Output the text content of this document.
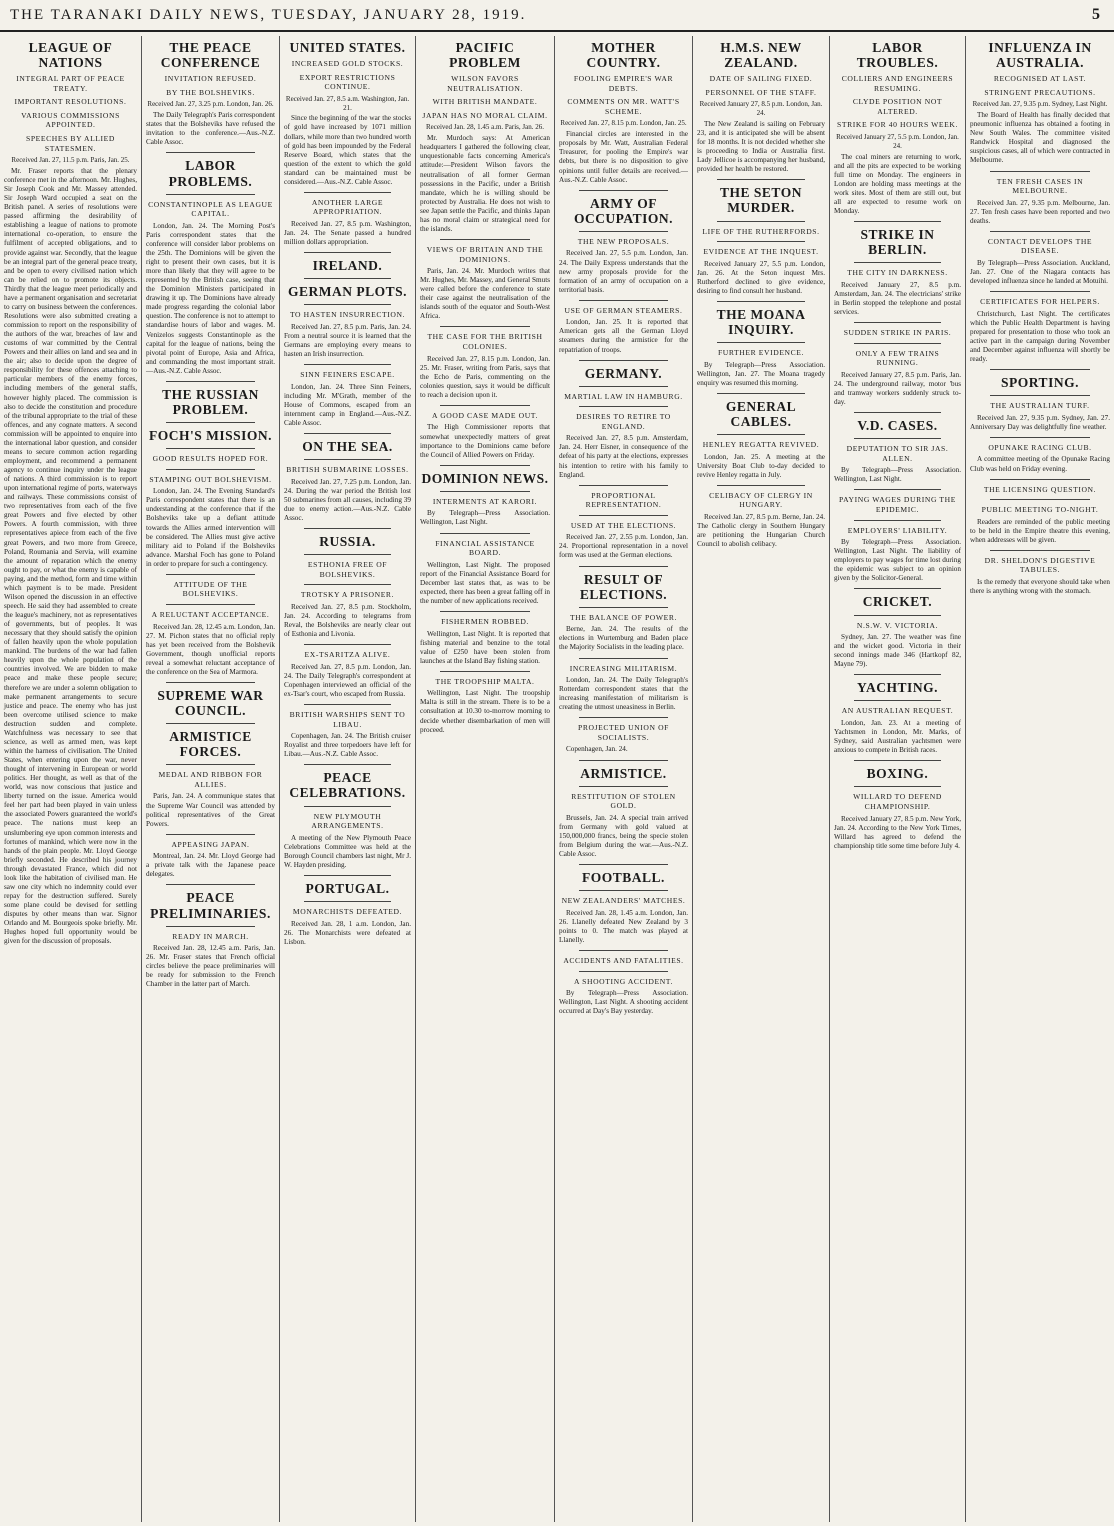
THE TARANAKI DAILY NEWS, TUESDAY, JANUARY 28, 1919.	5
LEAGUE OF NATIONS
INTEGRAL PART OF PEACE TREATY.
IMPORTANT RESOLUTIONS.
VARIOUS COMMISSIONS APPOINTED.
SPEECHES BY ALLIED STATESMEN.
Received Jan. 27, 11.5 p.m. Paris, Jan. 25.

Mr. Fraser reports that the plenary conference met in the afternoon. Mr. Hughes, Sir Joseph Cook and Mr. Massey attended. Sir Joseph Ward occupied a seat on the British panel. A series of resolutions were passed affirming the desirability of establishing a league of nations to promote international co-operation, to ensure the fulfilment of accepted obligations, and to provide against war. Secondly, that the league be an integral part of the general peace treaty, and be open to every civilised nation which can be relied on to promote its objects. Thirdly that the league meet periodically and have a permanent organisation and secretariat to carry on business between the conferences. Resolutions were also submitted creating a commission to report on the responsibility of the authors of the war, breaches of law and customs of war committed by the Central Powers and their allies on land and sea and in the air; also to decide upon the degree of responsibility for these offences attaching to particular members of the enemy forces, including members of the general staffs, however highly placed. The commission is also to decide the constitution and procedure of the tribunal appropriate to the trial of these offences, and any cognate matters. A second commission will be appointed to enquire into the international labor question, and consider means to secure common action regarding employment, and recommend a permanent agency to continue inquiry under the league of nations. A third commission is to report upon international regime of ports, waterways and railways. These commissions consist of two representatives from each of the five great Powers and five elected by other Powers. A fourth commission, with three representatives apiece from each of the five great Powers, and two more from Greece, Poland, Roumania and Servia, will examine the amount of reparation which the enemy ought to pay, or what the enemy is capable of paying, and the method, form and time within which payment is to be made. President Wilson opened the discussion in an effective speech. He said they had assembled to create the league's machinery, not as representatives of governments, but of peoples. It was necessary that they should satisfy the opinion of fallen heavily upon the whole population mankind. The burdens of the war had fallen heavily upon the whole population of the countries involved. We are bidden to make peace and make these people secure; therefore we are under a solemn obligation to make permanent arrangements to secure justice and peace. The enemy who has just been overcome utilised science to make destruction sudden and complete. Watchfulness was necessary to see that science, as well as armed men, was kept within the harness of civilisation. The United States, when entering upon the war, never thought of intervening in European or world politics. Her thought, as well as that of the world, was now conscious that justice and liberty turned on the issue. America would feel her part had been played in vain unless the associated Powers guaranteed the world's peace. The nations must keep an unslumbering eye upon common interests and fortunes of mankind, which were now in the hands of the plain people. Mr. Lloyd George briefly seconded. He described his journey through devastated France, which did not look like the habitation of civilised man. He saw one city which no indemnity could ever repay for the destruction suffered. Surely some plane could be devised for settling disputes by other means than war. Signor Orlando and M. Bourgeois spoke briefly. Mr. Hughes hoped full opportunity would be given for the discussion of proposals.

THE PEACE CONFERENCE
INVITATION REFUSED.
BY THE BOLSHEVIKS.
Received Jan. 27, 3.25 p.m. London, Jan. 26.

The Daily Telegraph's Paris correspondent states that the Bolsheviks have refused the invitation to the conference.—Aus.-N.Z. Cable Assoc.

LABOR PROBLEMS.
CONSTANTINOPLE AS LEAGUE CAPITAL.

London, Jan. 24. The Morning Post's Paris correspondent states that the conference will consider labor problems on the 25th. The Dominions will be given the right to present their own cases, but it is more than likely that they will agree to be represented by the British case, seeing that the Dominion Ministers participated in drawing it up. The Dominions have already made progress regarding the colonial labor question. The conference is not to attempt to standardise hours of labor and wages. M. Venizelos suggests Constantinople as the capital for the league of nations, being the pivotal point of Europe, Asia and Africa, and commanding the most important strait.—Aus.-N.Z. Cable Assoc.

THE RUSSIAN PROBLEM.
FOCH'S MISSION.
GOOD RESULTS HOPED FOR.
STAMPING OUT BOLSHEVISM.

London, Jan. 24. The Evening Standard's Paris correspondent states that there is an understanding at the conference that if the Bolsheviks take up a defiant attitude towards the Allies armed intervention will be considered. The Allies must give active military aid to Poland if the Bolsheviks advance. Marshal Foch has gone to Poland in order to prepare for such a contingency.

ATTITUDE OF THE BOLSHEVIKS.
A RELUCTANT ACCEPTANCE.

Received Jan. 28, 12.45 a.m. London, Jan. 27. M. Pichon states that no official reply has yet been received from the Bolshevik Government, though unofficial reports reveal a somewhat reluctant acceptance of the conference on the Sea of Marmora.

SUPREME WAR COUNCIL.
ARMISTICE FORCES.
MEDAL AND RIBBON FOR ALLIES.

Paris, Jan. 24. A communique states that the Supreme War Council was attended by political representatives of the Great Powers.

APPEASING JAPAN.

Montreal, Jan. 24. Mr. Lloyd George had a private talk with the Japanese peace delegates.

PEACE PRELIMINARIES.
READY IN MARCH.

Received Jan. 28, 12.45 a.m. Paris, Jan. 26. Mr. Fraser states that French official circles believe the peace preliminaries will be ready for submission to the French Chamber in the latter part of March.

UNITED STATES.
INCREASED GOLD STOCKS.
EXPORT RESTRICTIONS CONTINUE.
Received Jan. 27, 8.5 a.m. Washington, Jan. 21.

Since the beginning of the war the stocks of gold have increased by 1071 million dollars, while more than two hundred worth of gold has been impounded by the Federal Reserve Board, which states that the question of the extent to which the gold standard can be maintained must be considered.—Aus.-N.Z. Cable Assoc.

ANOTHER LARGE APPROPRIATION.

Received Jan. 27, 8.5 p.m. Washington, Jan. 24. The Senate passed a hundred million dollars appropriation.

IRELAND.
GERMAN PLOTS.
TO HASTEN INSURRECTION.

Received Jan. 27, 8.5 p.m. Paris, Jan. 24. From a neutral source it is learned that the Germans are employing every means to hasten an Irish insurrection.

SINN FEINERS ESCAPE.

London, Jan. 24. Three Sinn Feiners, including Mr. M'Grath, member of the House of Commons, escaped from an internment camp in England.—Aus.-N.Z. Cable Assoc.

ON THE SEA.
BRITISH SUBMARINE LOSSES.

Received Jan. 27, 7.25 p.m. London, Jan. 24. During the war period the British lost 50 submarines from all causes, including 39 due to enemy action.—Aus.-N.Z. Cable Assoc.

RUSSIA.
ESTHONIA FREE OF BOLSHEVIKS.
TROTSKY A PRISONER.

Received Jan. 27, 8.5 p.m. Stockholm, Jan. 24. According to telegrams from Reval, the Bolsheviks are nearly clear out of Esthonia and Livonia.

EX-TSARITZA ALIVE.

Received Jan. 27, 8.5 p.m. London, Jan. 24. The Daily Telegraph's correspondent at Copenhagen interviewed an official of the ex-Tsar's court, who escaped from Russia.

BRITISH WARSHIPS SENT TO LIBAU.

Copenhagen, Jan. 24. The British cruiser Royalist and three torpedoers have left for Libau.—Aus.-N.Z. Cable Assoc.

PEACE CELEBRATIONS.
NEW PLYMOUTH ARRANGEMENTS.

A meeting of the New Plymouth Peace Celebrations Committee was held at the Borough Council chambers last night, Mr J. W. Hayden presiding.

PORTUGAL.
MONARCHISTS DEFEATED.

Received Jan. 28, 1 a.m. London, Jan. 26. The Monarchists were defeated at Lisbon.

PACIFIC PROBLEM
WILSON FAVORS NEUTRALISATION.
WITH BRITISH MANDATE.
JAPAN HAS NO MORAL CLAIM.
Received Jan. 28, 1.45 a.m. Paris, Jan. 26.

Mr. Murdoch says: At American headquarters I gathered the following clear, unquestionable facts concerning America's attitude:—President Wilson favors the neutralisation of all former German possessions in the Pacific, under a British mandate, which he is willing should be protected by Australia. He does not wish to see Japan settle the Pacific, and thinks Japan has no moral claim or strategical need for the islands.

VIEWS OF BRITAIN AND THE DOMINIONS.

Paris, Jan. 24. Mr. Murdoch writes that Mr. Hughes, Mr. Massey, and General Smuts were called before the conference to state their case against the neutralisation of the islands south of the equator and South-West Africa.

THE CASE FOR THE BRITISH COLONIES.

Received Jan. 27, 8.15 p.m. London, Jan. 25. Mr. Fraser, writing from Paris, says that the Echo de Paris, commenting on the colonies question, says it would be difficult to reach a decision upon it.

A GOOD CASE MADE OUT.

The High Commissioner reports that somewhat unexpectedly matters of great importance to the Dominions came before the Council of Allied Powers on Friday.

DOMINION NEWS.
INTERMENTS AT KARORI.

By Telegraph—Press Association. Wellington, Last Night.

FINANCIAL ASSISTANCE BOARD.

Wellington, Last Night. The proposed report of the Financial Assistance Board for December last states that, as was to be expected, there has been a great falling off in the number of new applications received.

FISHERMEN ROBBED.

Wellington, Last Night. It is reported that fishing material and benzine to the total value of £250 have been stolen from launches at the Island Bay fishing station.

THE TROOPSHIP MALTA.

Wellington, Last Night. The troopship Malta is still in the stream. There is to be a consultation at 10.30 to-morrow morning to decide whether disembarkation of men will proceed.

MOTHER COUNTRY.
FOOLING EMPIRE'S WAR DEBTS.
COMMENTS ON MR. WATT'S SCHEME.
Received Jan. 27, 8.15 p.m. London, Jan. 25.

Financial circles are interested in the proposals by Mr. Watt, Australian Federal Treasurer, for pooling the Empire's war debts, but there is no disposition to give opinions until fuller details are received.—Aus.-N.Z. Cable Assoc.

ARMY OF OCCUPATION.
THE NEW PROPOSALS.

Received Jan. 27, 5.5 p.m. London, Jan. 24. The Daily Express understands that the new army proposals provide for the formation of an army of occupation on a territorial basis.

USE OF GERMAN STEAMERS.

London, Jan. 25. It is reported that American gets all the German Lloyd steamers during the armistice for the repatriation of troops.

GERMANY.
MARTIAL LAW IN HAMBURG.
DESIRES TO RETIRE TO ENGLAND.

Received Jan. 27, 8.5 p.m. Amsterdam, Jan. 24. Herr Eisner, in consequence of the defeat of his party at the elections, expresses his intention to retire with his family to England.

PROPORTIONAL REPRESENTATION.
USED AT THE ELECTIONS.

Received Jan. 27, 2.55 p.m. London, Jan. 24. Proportional representation in a novel form was used at the German elections.

RESULT OF ELECTIONS.
THE BALANCE OF POWER.

Berne, Jan. 24. The results of the elections in Wurtemburg and Baden place the Majority Socialists in the leading place.

INCREASING MILITARISM.

London, Jan. 24. The Daily Telegraph's Rotterdam correspondent states that the increasing manifestation of militarism is creating the utmost uneasiness in Berlin.

PROJECTED UNION OF SOCIALISTS.

Copenhagen, Jan. 24.

ARMISTICE.
RESTITUTION OF STOLEN GOLD.

Brussels, Jan. 24. A special train arrived from Germany with gold valued at 150,000,000 francs, being the specie stolen from Belgium during the war.—Aus.-N.Z. Cable Assoc.

FOOTBALL.
NEW ZEALANDERS' MATCHES.

Received Jan. 28, 1.45 a.m. London, Jan. 26. Llanelly defeated New Zealand by 3 points to 0. The match was played at Llanelly.

ACCIDENTS AND FATALITIES.
A SHOOTING ACCIDENT.

By Telegraph—Press Association. Wellington, Last Night. A shooting accident occurred at Day's Bay yesterday.

H.M.S. NEW ZEALAND.
DATE OF SAILING FIXED.
PERSONNEL OF THE STAFF.
Received January 27, 8.5 p.m. London, Jan. 24.

The New Zealand is sailing on February 23, and it is anticipated she will be absent for 18 months. It is not decided whether she is proceeding to India or Australia first. Lady Jellicoe is accompanying her husband, provided her health be restored.

THE SETON MURDER.
LIFE OF THE RUTHERFORDS.
EVIDENCE AT THE INQUEST.

Received January 27, 5.5 p.m. London, Jan. 26. At the Seton inquest Mrs. Rutherford declined to give evidence, desiring to find consult her husband.

THE MOANA INQUIRY.
FURTHER EVIDENCE.

By Telegraph—Press Association. Wellington, Jan. 27. The Moana tragedy enquiry was resumed this morning.

GENERAL CABLES.
HENLEY REGATTA REVIVED.

London, Jan. 25. A meeting at the University Boat Club to-day decided to revive Henley regatta in July.

CELIBACY OF CLERGY IN HUNGARY.

Received Jan. 27, 8.5 p.m. Berne, Jan. 24. The Catholic clergy in Southern Hungary are petitioning the Hungarian Church Council to abolish celibacy.

LABOR TROUBLES.
COLLIERS AND ENGINEERS RESUMING.
CLYDE POSITION NOT ALTERED.
STRIKE FOR 40 HOURS WEEK.
Received January 27, 5.5 p.m. London, Jan. 24.

The coal miners are returning to work, and all the pits are expected to be working full time on Monday. The engineers in London are holding mass meetings at the work sites. Most of them are still out, but all are expected to resume work on Monday.

STRIKE IN BERLIN.
THE CITY IN DARKNESS.

Received January 27, 8.5 p.m. Amsterdam, Jan. 24. The electricians' strike in Berlin stopped the telephone and postal services.

SUDDEN STRIKE IN PARIS.
ONLY A FEW TRAINS RUNNING.

Received January 27, 8.5 p.m. Paris, Jan. 24. The underground railway, motor 'bus and tramway workers suddenly struck to-day.

V.D. CASES.
DEPUTATION TO SIR JAS. ALLEN.

By Telegraph—Press Association. Wellington, Last Night.

PAYING WAGES DURING THE EPIDEMIC.
EMPLOYERS' LIABILITY.

By Telegraph—Press Association. Wellington, Last Night. The liability of employers to pay wages for time lost during the epidemic was subject to an opinion given by the Solicitor-General.

CRICKET.
N.S.W. V. VICTORIA.

Sydney, Jan. 27. The weather was fine and the wicket good. Victoria in their second innings made 346 (Hartkopf 82, Mayne 79).

YACHTING.
AN AUSTRALIAN REQUEST.

London, Jan. 23. At a meeting of Yachtsmen in London, Mr. Marks, of Sydney, said Australian yachtsmen were anxious to compete in British races.

BOXING.
WILLARD TO DEFEND CHAMPIONSHIP.

Received January 27, 8.5 p.m. New York, Jan. 24. According to the New York Times, Willard has agreed to defend the championship title some time before July 4.

INFLUENZA IN AUSTRALIA.
RECOGNISED AT LAST.
STRINGENT PRECAUTIONS.
Received Jan. 27, 9.35 p.m. Sydney, Last Night.

The Board of Health has finally decided that pneumonic influenza has obtained a footing in New South Wales. The committee visited Randwick Hospital and diagnosed the suspicious cases, all of which were contracted in Melbourne.

TEN FRESH CASES IN MELBOURNE.

Received Jan. 27, 9.35 p.m. Melbourne, Jan. 27. Ten fresh cases have been reported and two deaths.

CONTACT DEVELOPS THE DISEASE.

By Telegraph—Press Association. Auckland, Jan. 27. One of the Niagara contacts has developed influenza since he landed at Motuihi.

CERTIFICATES FOR HELPERS.

Christchurch, Last Night. The certificates which the Public Health Department is having prepared for presentation to those who took an active part in the campaign during November and December against influenza will shortly be ready.

SPORTING.
THE AUSTRALIAN TURF.

Received Jan. 27, 9.35 p.m. Sydney, Jan. 27. Anniversary Day was delightfully fine weather.

OPUNAKE RACING CLUB.

A committee meeting of the Opunake Racing Club was held on Friday evening.

THE LICENSING QUESTION.
PUBLIC MEETING TO-NIGHT.

Readers are reminded of the public meeting to be held in the Empire theatre this evening, when addresses will be given.

DR. SHELDON'S DIGESTIVE TABULES.

Is the remedy that everyone should take when there is anything wrong with the stomach.
